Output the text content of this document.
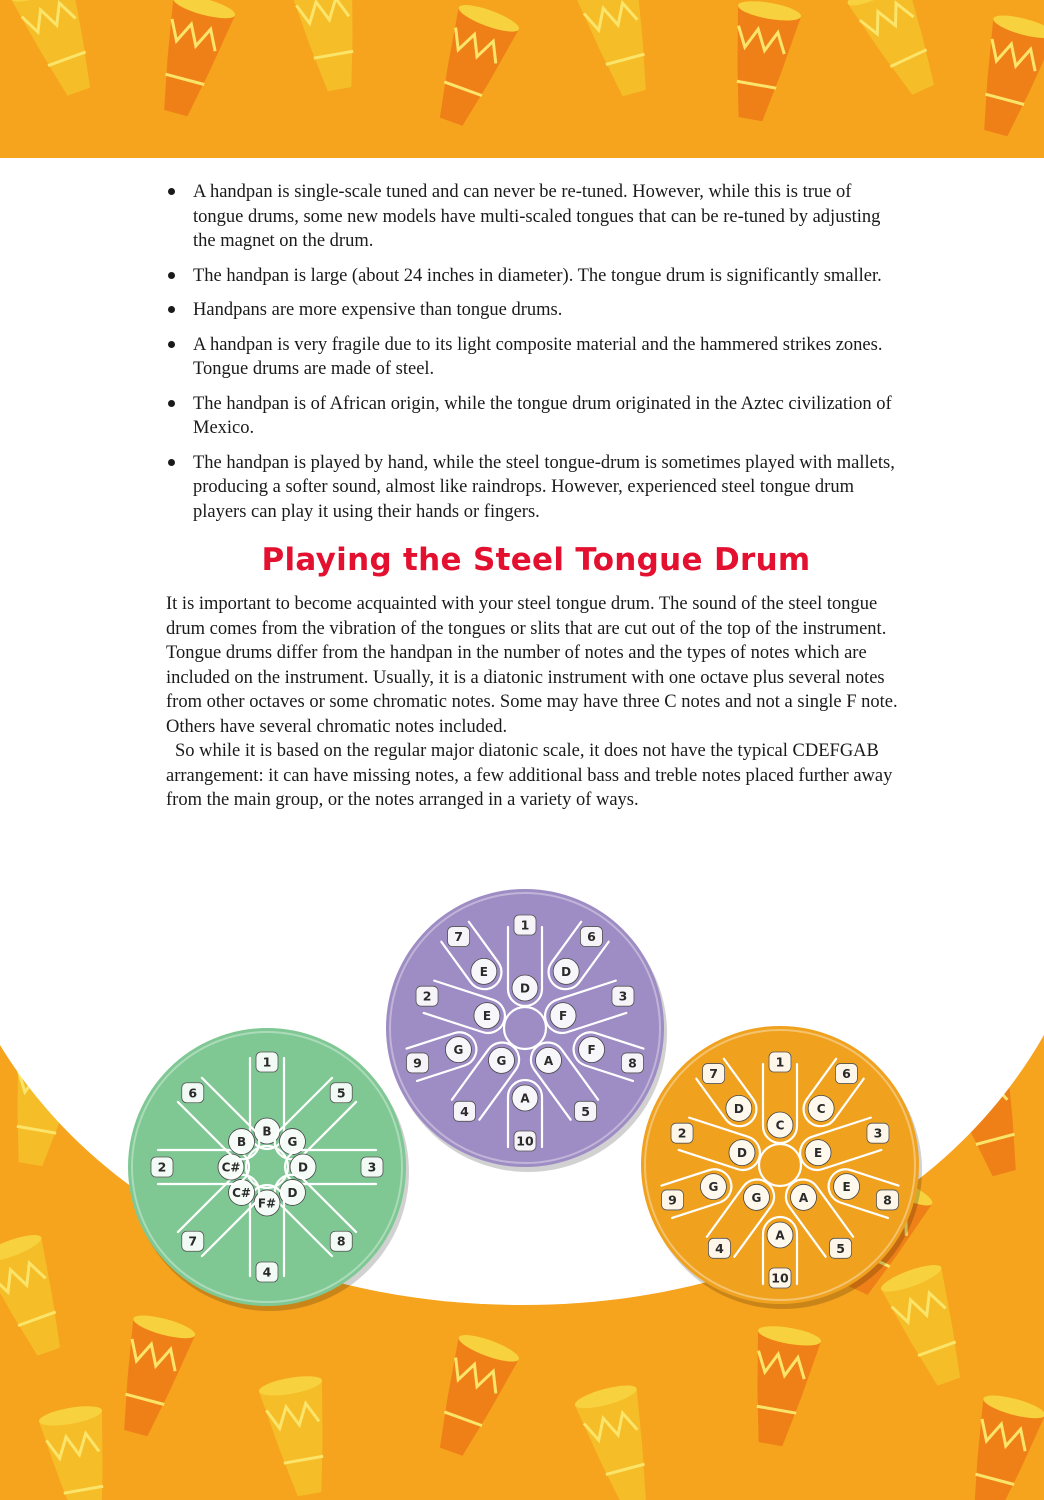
A handpan is single-scale tuned and can never be re-tuned. However, while this is true of tongue drums, some new models have multi-scaled tongues that can be re-tuned by adjusting the magnet on the drum.
The handpan is large (about 24 inches in diameter). The tongue drum is significantly smaller.
Handpans are more expensive than tongue drums.
A handpan is very fragile due to its light composite material and the hammered strikes zones. Tongue drums are made of steel.
The handpan is of African origin, while the tongue drum originated in the Aztec civilization of Mexico.
The handpan is played by hand, while the steel tongue-drum is sometimes played with mallets, producing a softer sound, almost like raindrops. However, experienced steel tongue drum players can play it using their hands or fingers.
Playing the Steel Tongue Drum

It is important to become acquainted with your steel tongue drum. The sound of the steel tongue drum comes from the vibration of the tongues or slits that are cut out of the top of the instrument.

Tongue drums differ from the handpan in the number of notes and the types of notes which are included on the instrument. Usually, it is a diatonic instrument with one octave plus several notes from other octaves or some chromatic notes. Some may have three C notes and not a single F note. Others have several chromatic notes included.

So while it is based on the regular major diatonic scale, it does not have the typical CDEFGAB arrangement: it can have missing notes, a few additional bass and treble notes placed further away from the main group, or the notes arranged in a variety of ways.

B
1
G
5
D	3
D
8
F#
4
C#
7
C#
2
B
6
D
1
D
6
F
3
F
8
A
5
A
10
G
4
G
9
E
2
E
7
C
1
C
6
E
3
E
8
A
5
A
10
G
4
G
9
D
2
D
7
